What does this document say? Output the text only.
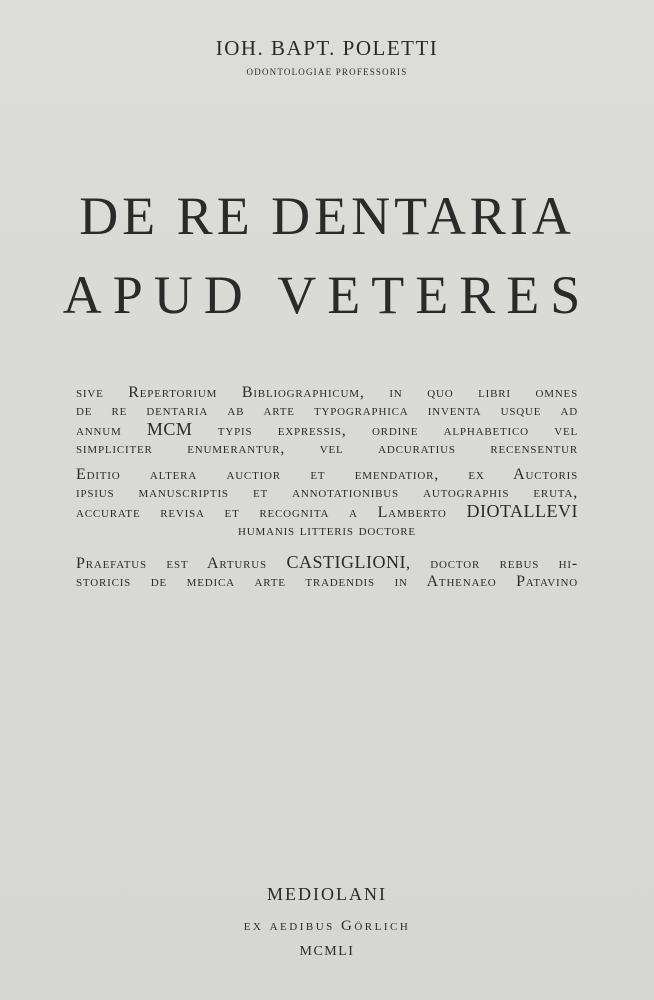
IOH. BAPT. POLETTI
ODONTOLOGIAE PROFESSORIS
DE RE DENTARIA
APUD VETERES
sive Repertorium Bibliographicum, in quo libri omnes
de re dentaria ab arte typographica inventa usque ad
annum MCM typis expressis, ordine alphabetico vel
simpliciter enumerantur, vel adcuratius recensentur
Editio altera auctior et emendatior, ex Auctoris
ipsius manuscriptis et annotationibus autographis eruta,
accurate revisa et recognita a Lamberto DIOTALLEVI
humanis litteris doctore
Praefatus est Arturus CASTIGLIONI, doctor rebus hi-
storicis de medica arte tradendis in Athenaeo Patavino
MEDIOLANI
ex aedibus Görlich
MCMLI
